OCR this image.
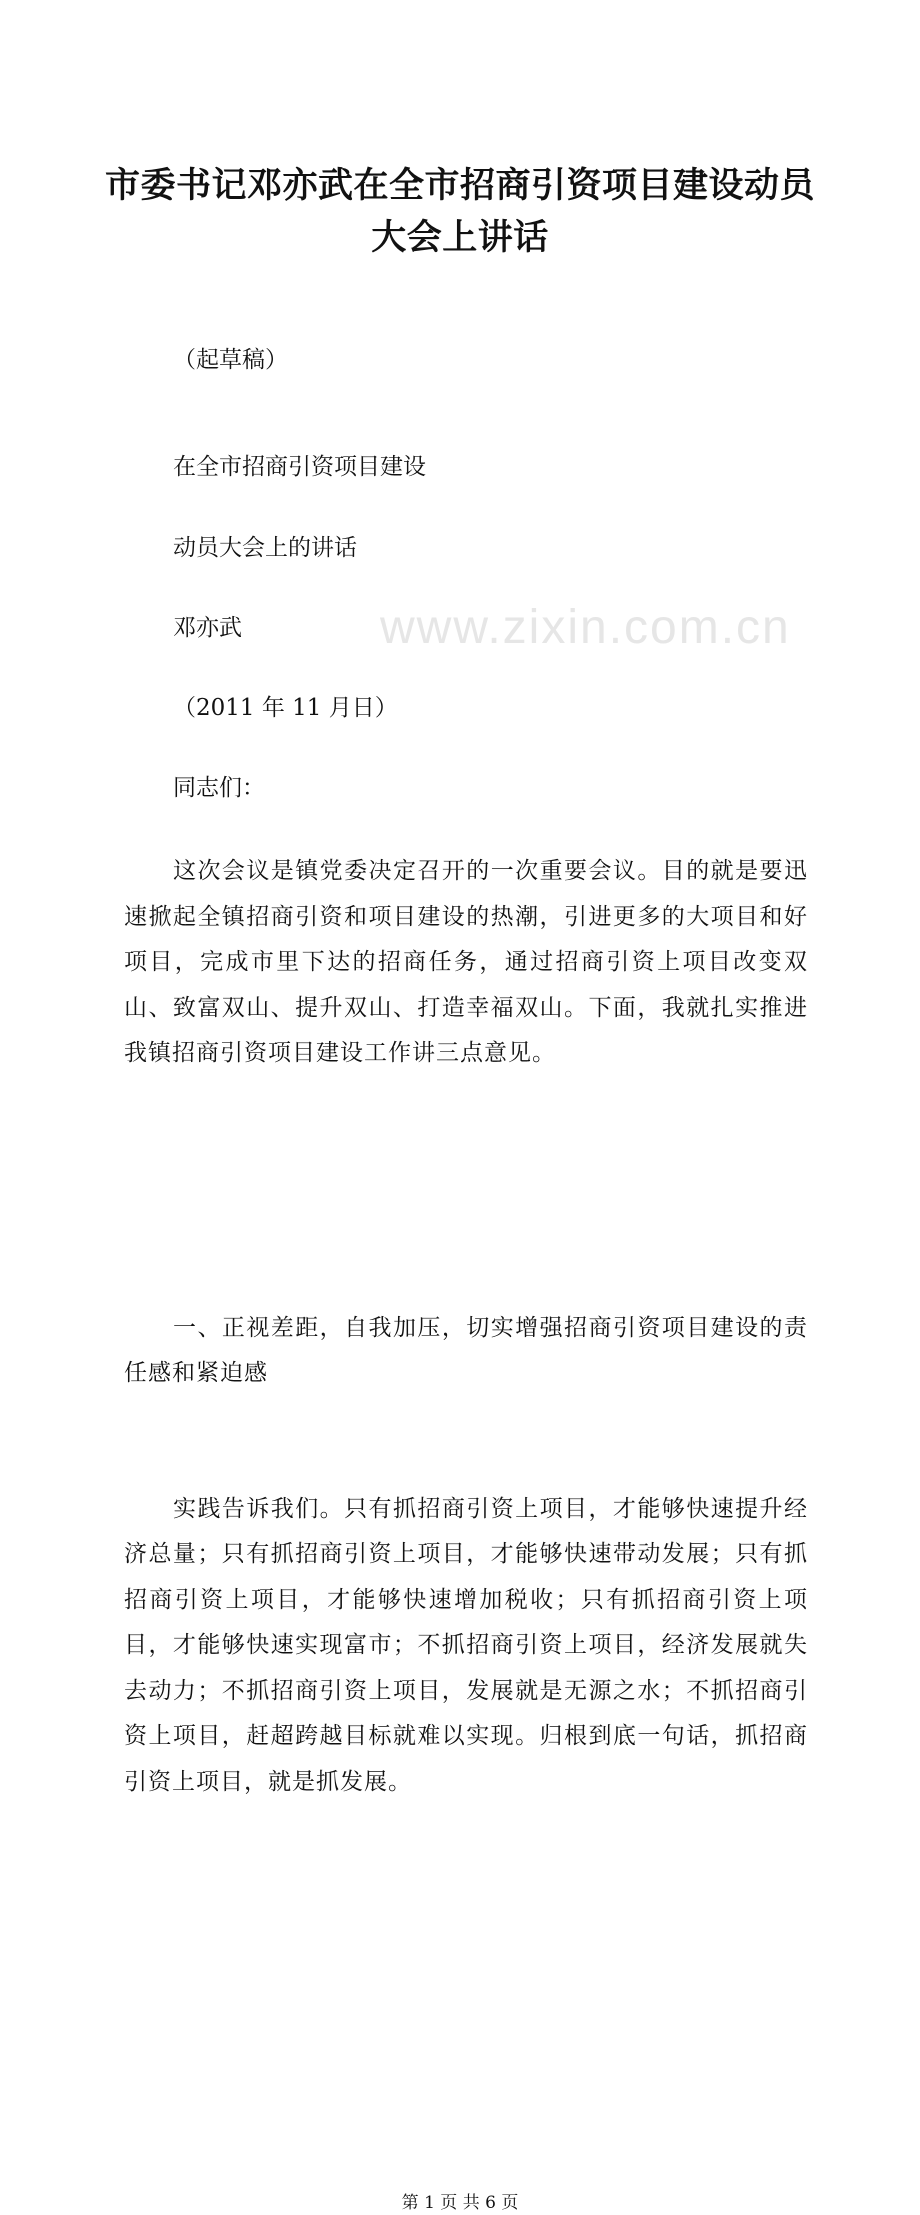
www.zixin.com.cn
市委书记邓亦武在全市招商引资项目建设动员
大会上讲话
（起草稿）
在全市招商引资项目建设
动员大会上的讲话
邓亦武
（2011 年 11 月日）
同志们：

这次会议是镇党委决定召开的一次重要会议。目的就是要迅速掀起全镇招商引资和项目建设的热潮，引进更多的大项目和好项目，完成市里下达的招商任务，通过招商引资上项目改变双山、致富双山、提升双山、打造幸福双山。下面，我就扎实推进我镇招商引资项目建设工作讲三点意见。

一、正视差距，自我加压，切实增强招商引资项目建设的责任感和紧迫感

实践告诉我们。只有抓招商引资上项目，才能够快速提升经济总量；只有抓招商引资上项目，才能够快速带动发展；只有抓招商引资上项目，才能够快速增加税收；只有抓招商引资上项目，才能够快速实现富市；不抓招商引资上项目，经济发展就失去动力；不抓招商引资上项目，发展就是无源之水；不抓招商引资上项目，赶超跨越目标就难以实现。归根到底一句话，抓招商引资上项目，就是抓发展。

第 1 页 共 6 页
